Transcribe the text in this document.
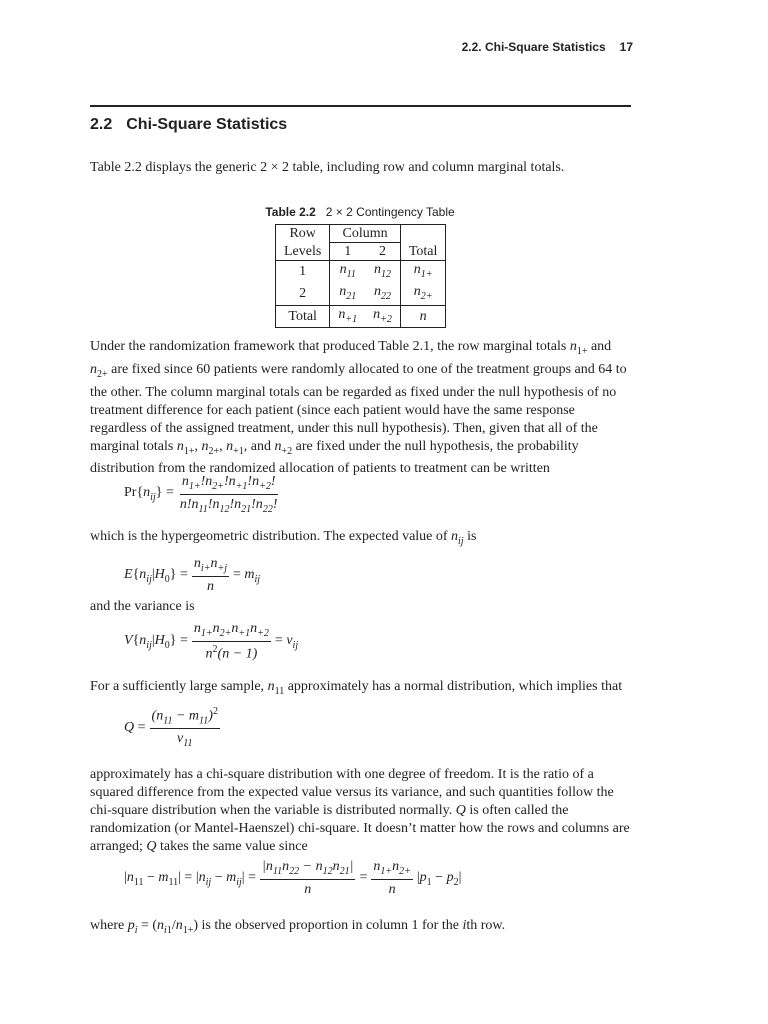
2.2. Chi-Square Statistics 17
2.2 Chi-Square Statistics

Table 2.2 displays the generic 2 × 2 table, including row and column marginal totals.

Table 2.2 2 × 2 Contingency Table
Row	Column		
Levels	1	2	Total
1	$n_{11}$	$n_{12}$	$n_{1+}$
2	$n_{21}$	$n_{22}$	$n_{2+}$
Total	$n_{+1}$	$n_{+2}$	n

Under the randomization framework that produced Table 2.1, the row marginal totals $n_{1+}$ and $n_{2+}$ are fixed since 60 patients were randomly allocated to one of the treatment groups and 64 to the other. The column marginal totals can be regarded as fixed under the null hypothesis of no treatment difference for each patient (since each patient would have the same response regardless of the assigned treatment, under this null hypothesis). Then, given that all of the marginal totals $n_{1+}$, $n_{2+}$, $n_{+1}$, and $n_{+2}$ are fixed under the null hypothesis, the probability distribution from the randomized allocation of patients to treatment can be written

$Pr\{n_{ij}\} = \frac{n_{1+}!n_{2+}!n_{+1}!n_{+2}!}{n!n_{11}!n_{12}!n_{21}!n_{22}!}$

which is the hypergeometric distribution. The expected value of $n_{ij}$ is

$E\{n_{ij}|H_0\} = \frac{n_{i+}n_{+j}}{n} = m_{ij}$

and the variance is

$V\{n_{ij}|H_0\} = \frac{n_{1+}n_{2+}n_{+1}n_{+2}}{n^2(n - 1)} = v_{ij}$

For a sufficiently large sample, $n_{11}$ approximately has a normal distribution, which implies that

$Q = \frac{(n_{11} - m_{11})^2}{v_{11}}$

approximately has a chi-square distribution with one degree of freedom. It is the ratio of a squared difference from the expected value versus its variance, and such quantities follow the chi-square distribution when the variable is distributed normally. Q is often called the randomization (or Mantel-Haenszel) chi-square. It doesn’t matter how the rows and columns are arranged; Q takes the same value since

$|n_{11} - m_{11}| = |n_{ij} - m_{ij}| = \frac{|n_{11}n_{22} - n_{12}n_{21}|}{n} = \frac{n_{1+}n_{2+}}{n} |p_1 - p_2|$

where $p_i = (n_{i1}/n_{1+})$ is the observed proportion in column 1 for the ith row.
